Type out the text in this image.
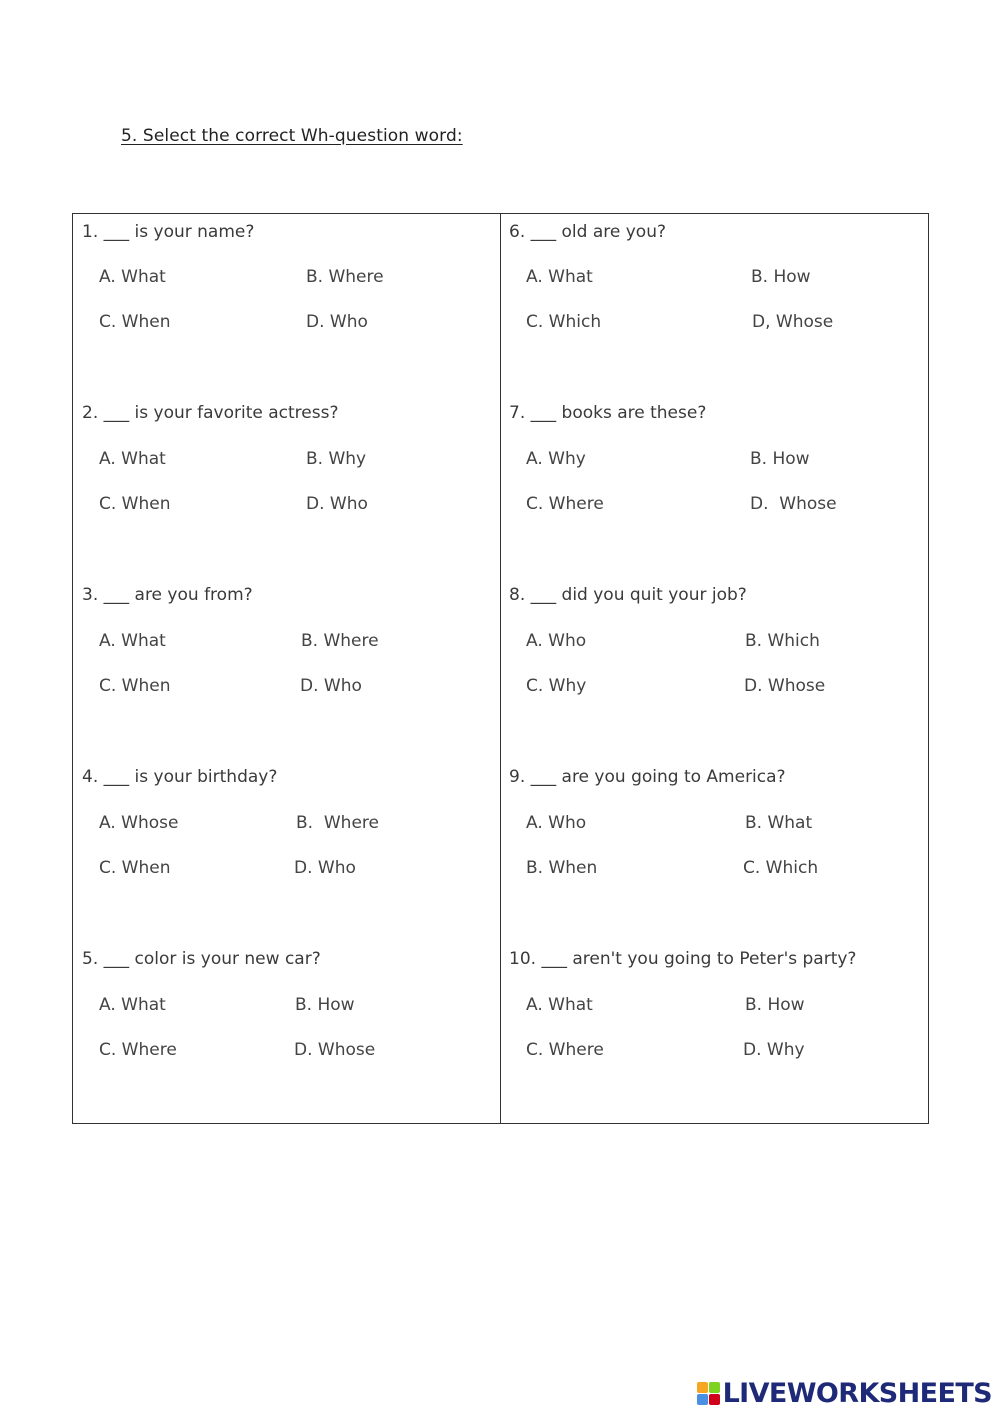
5. Select the correct Wh-question word:
1. ___ is your name?
A. What	B. Where
C. When	D. Who
2. ___ is your favorite actress?
A. What	B. Why
C. When	D. Who
3. ___ are you from?
A. What	B. Where
C. When	D. Who
4. ___ is your birthday?
A. Whose	B.  Where
C. When	D. Who
5. ___ color is your new car?
A. What	B. How
C. Where	D. Whose
6. ___ old are you?
A. What	B. How
C. Which	D, Whose
7. ___ books are these?
A. Why	B. How
C. Where	D.  Whose
8. ___ did you quit your job?
A. Who	B. Which
C. Why	D. Whose
9. ___ are you going to America?
A. Who	B. What
B. When	C. Which
10. ___ aren't you going to Peter's party?
A. What	B. How
C. Where	D. Why
LIVEWORKSHEETS
